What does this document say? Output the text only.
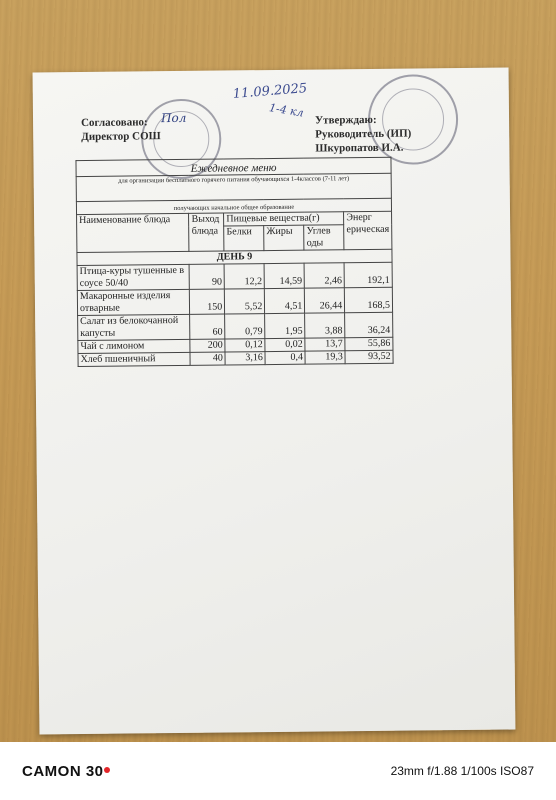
11.09.2025
1-4 кл
Согласовано: Пол
Директор СОШ
Утверждаю:
Руководитель (ИП)
Шкуропатов И.А.
Ежедневное меню					
для организации бесплатного горячего питания обучающихся 1-4классов (7-11 лет)					
получающих начальное общее образование					
Наименование блюда	Выход блюда	Пищевые вещества(г)			Энерг ерическая
		Белки	Жиры	Углев оды	
ДЕНЬ 9					
Птица-куры тушенные в соусе 50/40	90	12,2	14,59	2,46	192,1
Макаронные изделия отварные	150	5,52	4,51	26,44	168,5
Салат из белокочанной капусты	60	0,79	1,95	3,88	36,24
Чай с лимоном	200	0,12	0,02	13,7	55,86
Хлеб пшеничный	40	3,16	0,4	19,3	93,52
CAMON 30	23mm f/1.88 1/100s ISO87
